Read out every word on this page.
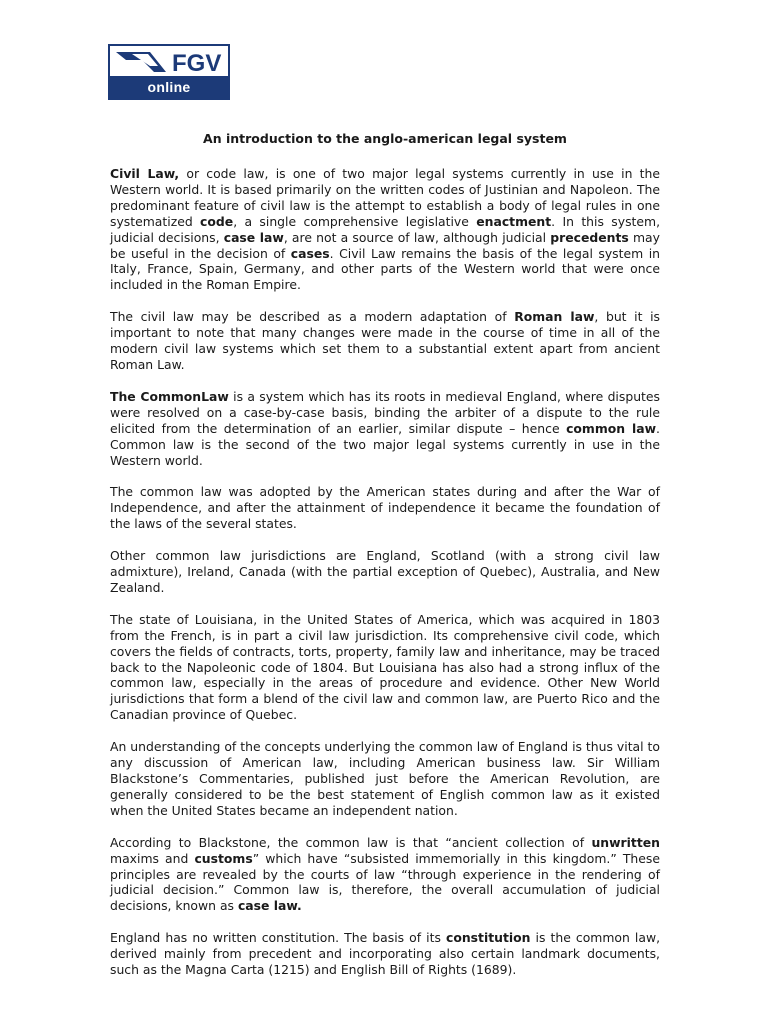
FGV
online
An introduction to the anglo-american legal system

Civil Law, or code law, is one of two major legal systems currently in use in the Western world. It is based primarily on the written codes of Justinian and Napoleon. The predominant feature of civil law is the attempt to establish a body of legal rules in one systematized code, a single comprehensive legislative enactment. In this system, judicial decisions, case law, are not a source of law, although judicial precedents may be useful in the decision of cases. Civil Law remains the basis of the legal system in Italy, France, Spain, Germany, and other parts of the Western world that were once included in the Roman Empire.

The civil law may be described as a modern adaptation of Roman law, but it is important to note that many changes were made in the course of time in all of the modern civil law systems which set them to a substantial extent apart from ancient Roman Law.

The CommonLaw is a system which has its roots in medieval England, where disputes were resolved on a case-by-case basis, binding the arbiter of a dispute to the rule elicited from the determination of an earlier, similar dispute – hence common law. Common law is the second of the two major legal systems currently in use in the Western world.

The common law was adopted by the American states during and after the War of Independence, and after the attainment of independence it became the foundation of the laws of the several states.

Other common law jurisdictions are England, Scotland (with a strong civil law admixture), Ireland, Canada (with the partial exception of Quebec), Australia, and New Zealand.

The state of Louisiana, in the United States of America, which was acquired in 1803 from the French, is in part a civil law jurisdiction. Its comprehensive civil code, which covers the fields of contracts, torts, property, family law and inheritance, may be traced back to the Napoleonic code of 1804. But Louisiana has also had a strong influx of the common law, especially in the areas of procedure and evidence. Other New World jurisdictions that form a blend of the civil law and common law, are Puerto Rico and the Canadian province of Quebec.

An understanding of the concepts underlying the common law of England is thus vital to any discussion of American law, including American business law. Sir William Blackstone’s Commentaries, published just before the American Revolution, are generally considered to be the best statement of English common law as it existed when the United States became an independent nation.

According to Blackstone, the common law is that “ancient collection of unwritten maxims and customs” which have “subsisted immemorially in this kingdom.” These principles are revealed by the courts of law “through experience in the rendering of judicial decision.” Common law is, therefore, the overall accumulation of judicial decisions, known as case law.

England has no written constitution. The basis of its constitution is the common law, derived mainly from precedent and incorporating also certain landmark documents, such as the Magna Carta (1215) and English Bill of Rights (1689).
